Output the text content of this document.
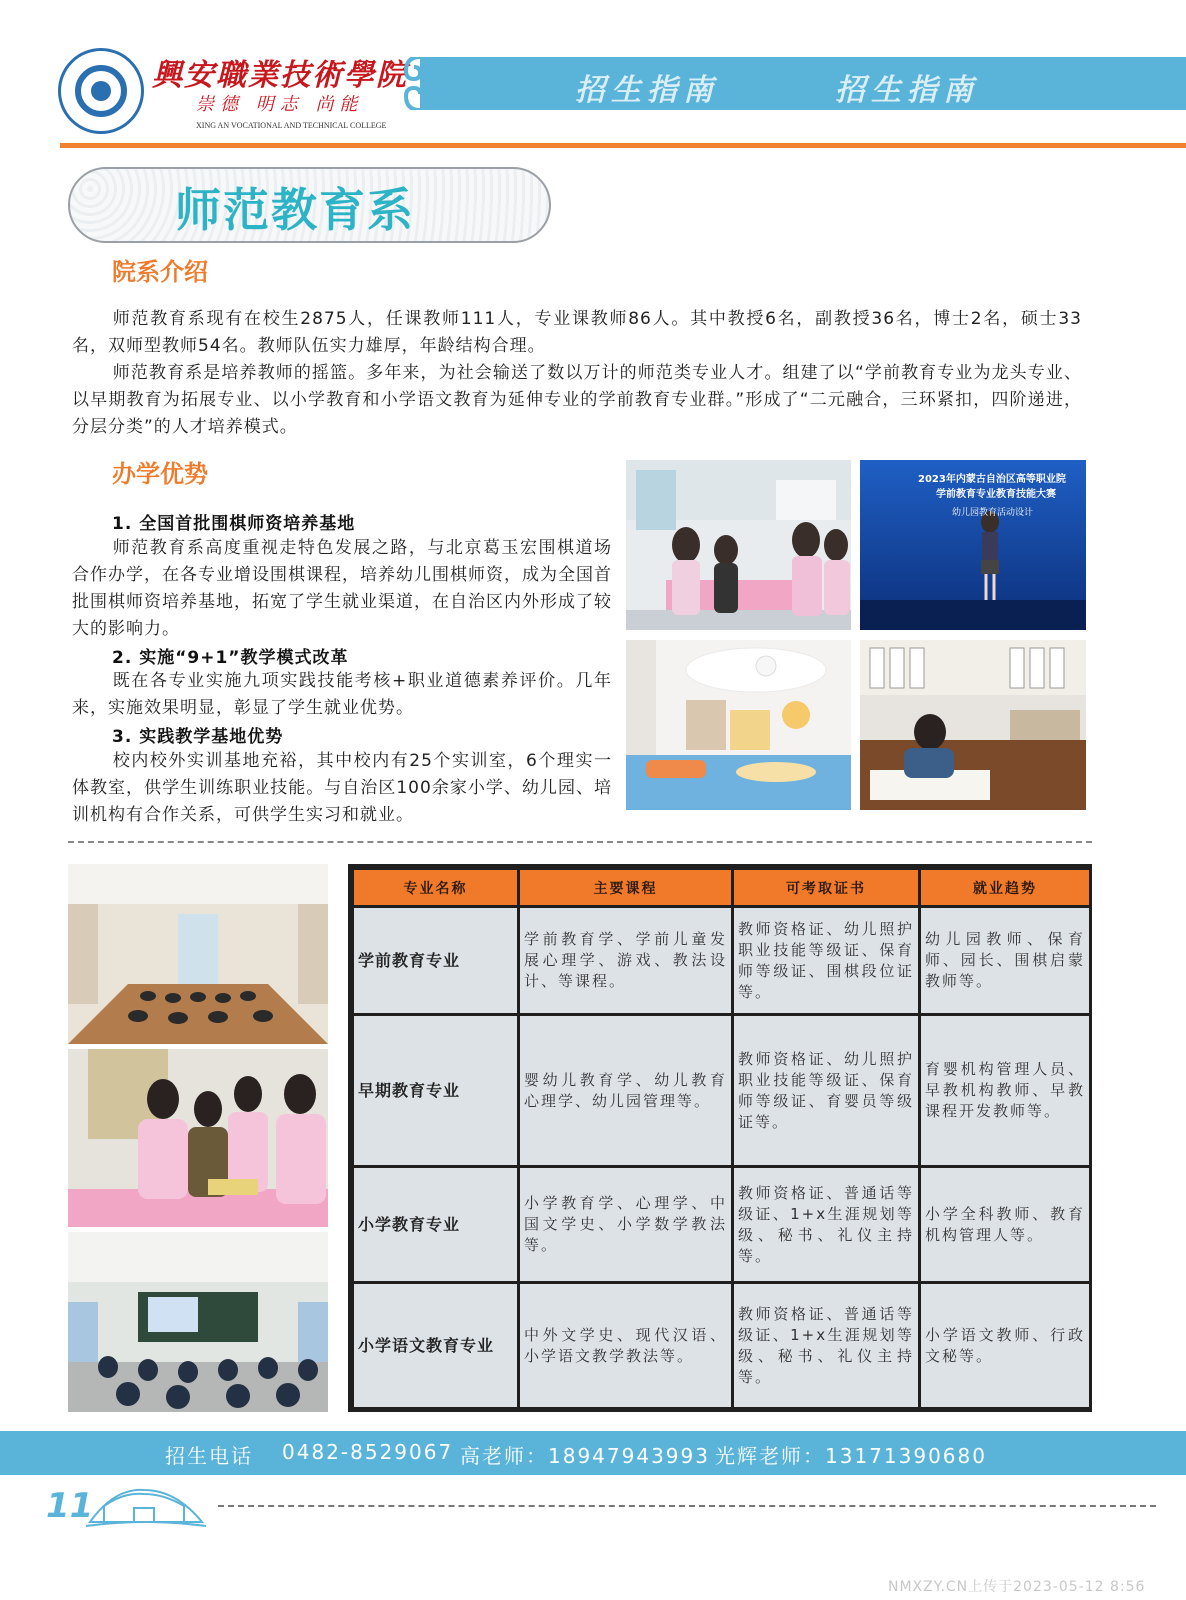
興安職業技術學院
崇德 明志 尚能
XING AN VOCATIONAL AND TECHNICAL COLLEGE
招生指南	招生指南
师范教育系
院系介绍
师范教育系现有在校生2875人，任课教师111人，专业课教师86人。其中教授6名，副教授36名，博士2名，硕士33名，双师型教师54名。教师队伍实力雄厚，年龄结构合理。
师范教育系是培养教师的摇篮。多年来，为社会输送了数以万计的师范类专业人才。组建了以“学前教育专业为龙头专业、以早期教育为拓展专业、以小学教育和小学语文教育为延伸专业的学前教育专业群。”形成了“二元融合，三环紧扣，四阶递进，分层分类”的人才培养模式。
办学优势
1. 全国首批围棋师资培养基地
师范教育系高度重视走特色发展之路，与北京葛玉宏围棋道场合作办学，在各专业增设围棋课程，培养幼儿围棋师资，成为全国首批围棋师资培养基地，拓宽了学生就业渠道，在自治区内外形成了较大的影响力。
2. 实施“9+1”教学模式改革
既在各专业实施九项实践技能考核+职业道德素养评价。几年来，实施效果明显，彰显了学生就业优势。
3. 实践教学基地优势
校内校外实训基地充裕，其中校内有25个实训室，6个理实一体教室，供学生训练职业技能。与自治区100余家小学、幼儿园、培训机构有合作关系，可供学生实习和就业。
2023年内蒙古自治区高等职业院
学前教育专业教育技能大赛
幼儿园教育活动设计
专业名称	主要课程	可考取证书	就业趋势
学前教育专业	学前教育学、学前儿童发展心理学、游戏、教法设计、等课程。	教师资格证、幼儿照护职业技能等级证、保育师等级证、围棋段位证等。	幼儿园教师、保育师、园长、围棋启蒙教师等。
早期教育专业	婴幼儿教育学、幼儿教育心理学、幼儿园管理等。	教师资格证、幼儿照护职业技能等级证、保育师等级证、育婴员等级证等。	育婴机构管理人员、早教机构教师、早教课程开发教师等。
小学教育专业	小学教育学、心理学、中国文学史、小学数学教法等。	教师资格证、普通话等级证、1+x生涯规划等级、秘书、礼仪主持等。	小学全科教师、教育机构管理人等。
小学语文教育专业	中外文学史、现代汉语、小学语文教学教法等。	教师资格证、普通话等级证、1+x生涯规划等级、秘书、礼仪主持等。	小学语文教师、行政文秘等。
招生电话 0482-8529067 高老师：18947943993 光辉老师：13171390680
11
NMXZY.CN上传于2023-05-12 8:56
